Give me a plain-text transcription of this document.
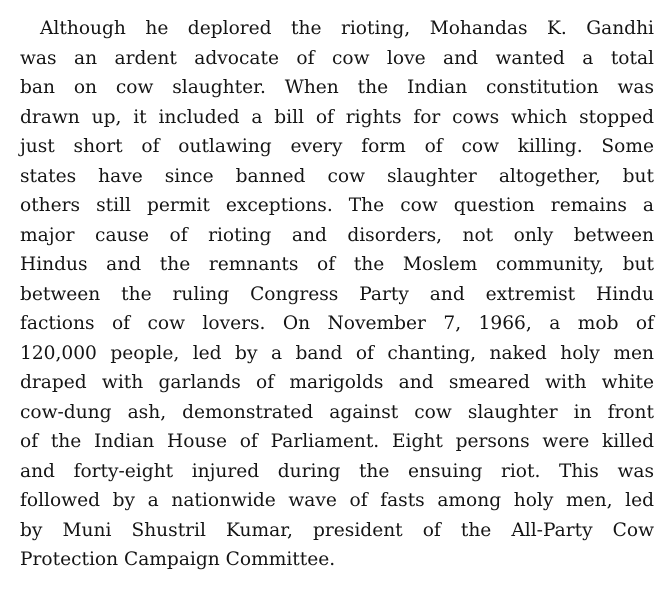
Although he deplored the rioting, Mohandas K. Gandhi
was an ardent advocate of cow love and wanted a total
ban on cow slaughter. When the Indian constitution was
drawn up, it included a bill of rights for cows which stopped
just short of outlawing every form of cow killing. Some
states have since banned cow slaughter altogether, but
others still permit exceptions. The cow question remains a
major cause of rioting and disorders, not only between
Hindus and the remnants of the Moslem community, but
between the ruling Congress Party and extremist Hindu
factions of cow lovers. On November 7, 1966, a mob of
120,000 people, led by a band of chanting, naked holy men
draped with garlands of marigolds and smeared with white
cow-dung ash, demonstrated against cow slaughter in front
of the Indian House of Parliament. Eight persons were killed
and forty-eight injured during the ensuing riot. This was
followed by a nationwide wave of fasts among holy men, led
by Muni Shustril Kumar, president of the All-Party Cow
Protection Campaign Committee.
